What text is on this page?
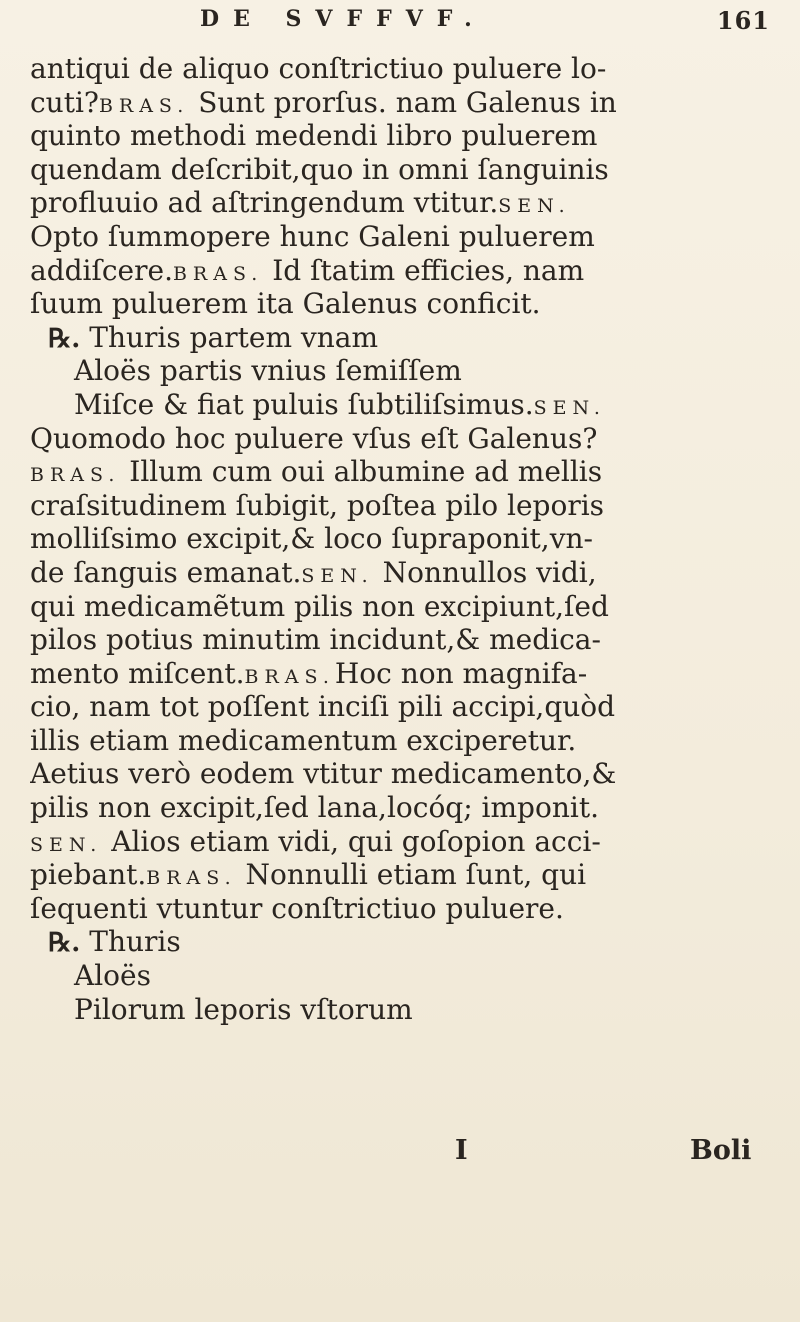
DE SVFFVF.	161
antiqui de aliquo conſtrictiuo puluere lo-
cuti?BRAS. Sunt prorſus. nam Galenus in
quinto methodi medendi libro puluerem
quendam deſcribit,quo in omni ſanguinis
profluuio ad aſtringendum vtitur.SEN.
Opto ſummopere hunc Galeni puluerem
addiſcere.BRAS. Id ſtatim efficies, nam
ſuum puluerem ita Galenus conficit.
℞. Thuris partem vnam
Aloës partis vnius ſemiſſem
Miſce & fiat puluis ſubtiliſsimus.SEN.
Quomodo hoc puluere vſus eſt Galenus?
BRAS. Illum cum oui albumine ad mellis
craſsitudinem ſubigit, poſtea pilo leporis
molliſsimo excipit,& loco ſupraponit,vn-
de ſanguis emanat.SEN. Nonnullos vidi,
qui medicamẽtum pilis non excipiunt,ſed
pilos potius minutim incidunt,& medica-
mento miſcent.BRAS.Hoc non magnifa-
cio, nam tot poſſent inciſi pili accipi,quòd
illis etiam medicamentum exciperetur.
Aetius verò eodem vtitur medicamento,&
pilis non excipit,ſed lana,locóq; imponit.
SEN. Alios etiam vidi, qui goſopion acci-
piebant.BRAS. Nonnulli etiam ſunt, qui
ſequenti vtuntur conſtrictiuo puluere.
℞. Thuris
Aloës
Pilorum leporis vſtorum
I	Boli
